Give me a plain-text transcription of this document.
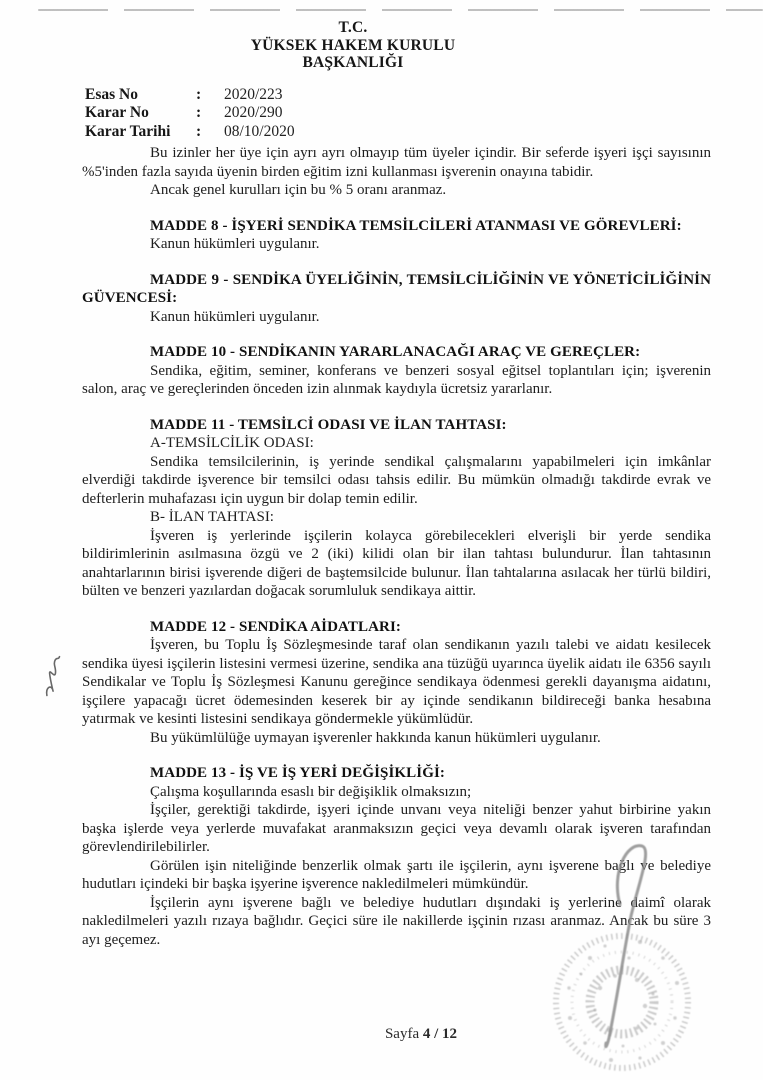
T.C.
YÜKSEK HAKEM KURULU
BAŞKANLIĞI
Esas No	:	2020/223
Karar No	:	2020/290
Karar Tarihi	:	08/10/2020

Bu izinler her üye için ayrı ayrı olmayıp tüm üyeler içindir. Bir seferde işyeri işçi sayısının %5'inden fazla sayıda üyenin birden eğitim izni kullanması işverenin onayına tabidir.

Ancak genel kurulları için bu % 5 oranı aranmaz.

MADDE 8 - İŞYERİ SENDİKA TEMSİLCİLERİ ATANMASI VE GÖREVLERİ:

Kanun hükümleri uygulanır.

MADDE 9 - SENDİKA ÜYELİĞİNİN, TEMSİLCİLİĞİNİN VE YÖNETİCİLİĞİNİN GÜVENCESİ:

Kanun hükümleri uygulanır.

MADDE 10 - SENDİKANIN YARARLANACAĞI ARAÇ VE GEREÇLER:

Sendika, eğitim, seminer, konferans ve benzeri sosyal eğitsel toplantıları için; işverenin salon, araç ve gereçlerinden önceden izin alınmak kaydıyla ücretsiz yararlanır.

MADDE 11 - TEMSİLCİ ODASI VE İLAN TAHTASI:

A-TEMSİLCİLİK ODASI:

Sendika temsilcilerinin, iş yerinde sendikal çalışmalarını yapabilmeleri için imkânlar elverdiği takdirde işverence bir temsilci odası tahsis edilir. Bu mümkün olmadığı takdirde evrak ve defterlerin muhafazası için uygun bir dolap temin edilir.

B- İLAN TAHTASI:

İşveren iş yerlerinde işçilerin kolayca görebilecekleri elverişli bir yerde sendika bildirimlerinin asılmasına özgü ve 2 (iki) kilidi olan bir ilan tahtası bulundurur. İlan tahtasının anahtarlarının birisi işverende diğeri de baştemsilcide bulunur. İlan tahtalarına asılacak her türlü bildiri, bülten ve benzeri yazılardan doğacak sorumluluk sendikaya aittir.

MADDE 12 - SENDİKA AİDATLARI:

İşveren, bu Toplu İş Sözleşmesinde taraf olan sendikanın yazılı talebi ve aidatı kesilecek sendika üyesi işçilerin listesini vermesi üzerine, sendika ana tüzüğü uyarınca üyelik aidatı ile 6356 sayılı Sendikalar ve Toplu İş Sözleşmesi Kanunu gereğince sendikaya ödenmesi gerekli dayanışma aidatını, işçilere yapacağı ücret ödemesinden keserek bir ay içinde sendikanın bildireceği banka hesabına yatırmak ve kesinti listesini sendikaya göndermekle yükümlüdür.

Bu yükümlülüğe uymayan işverenler hakkında kanun hükümleri uygulanır.

MADDE 13 - İŞ VE İŞ YERİ DEĞİŞİKLİĞİ:

Çalışma koşullarında esaslı bir değişiklik olmaksızın;

İşçiler, gerektiği takdirde, işyeri içinde unvanı veya niteliği benzer yahut birbirine yakın başka işlerde veya yerlerde muvafakat aranmaksızın geçici veya devamlı olarak işveren tarafından görevlendirilebilirler.

Görülen işin niteliğinde benzerlik olmak şartı ile işçilerin, aynı işverene bağlı ve belediye hudutları içindeki bir başka işyerine işverence nakledilmeleri mümkündür.

İşçilerin aynı işverene bağlı ve belediye hudutları dışındaki iş yerlerine daimî olarak nakledilmeleri yazılı rızaya bağlıdır. Geçici süre ile nakillerde işçinin rızası aranmaz. Ancak bu süre 3 ayı geçemez.

Sayfa 4 / 12
